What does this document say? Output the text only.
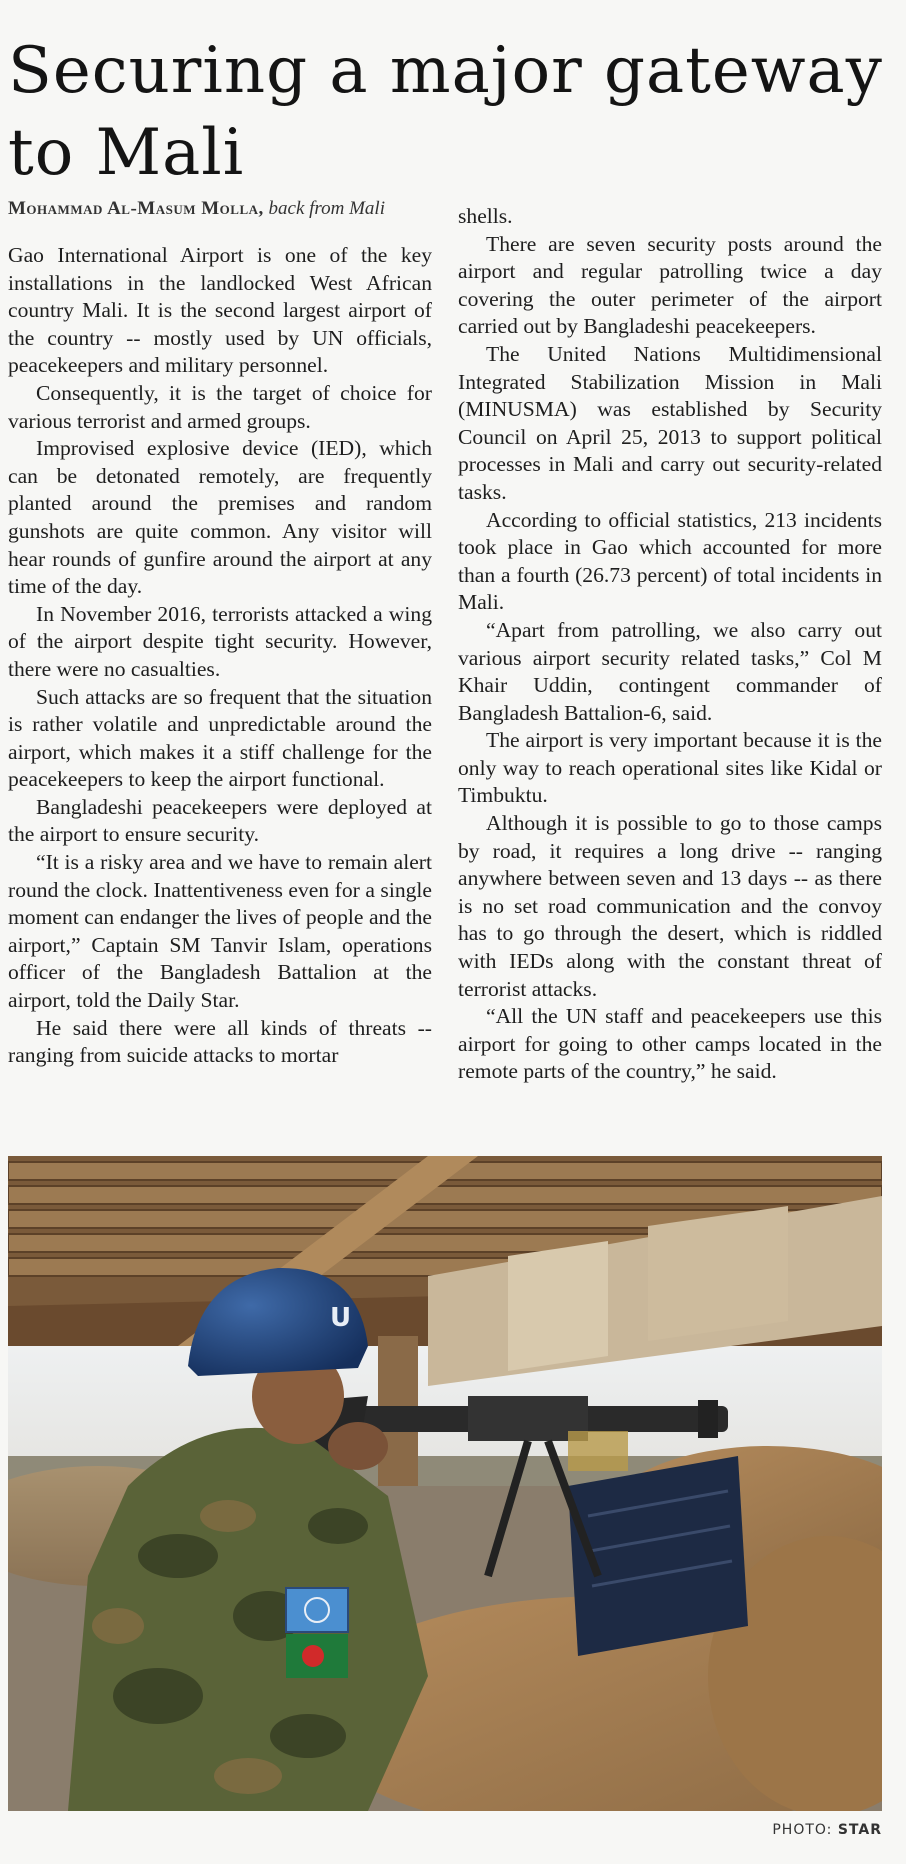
Securing a major gateway to Mali
Mohammad Al-Masum Molla, back from Mali

Gao International Airport is one of the key installations in the landlocked West African country Mali. It is the second largest airport of the country -- mostly used by UN officials, peacekeepers and military personnel.

Consequently, it is the target of choice for various terrorist and armed groups.

Improvised explosive device (IED), which can be detonated remotely, are frequently planted around the premises and random gunshots are quite common. Any visitor will hear rounds of gunfire around the airport at any time of the day.

In November 2016, terrorists attacked a wing of the airport despite tight security. However, there were no casualties.

Such attacks are so frequent that the situation is rather volatile and unpredictable around the airport, which makes it a stiff challenge for the peacekeepers to keep the airport functional.

Bangladeshi peacekeepers were deployed at the airport to ensure security.

“It is a risky area and we have to remain alert round the clock. Inattentiveness even for a single moment can endanger the lives of people and the airport,” Captain SM Tanvir Islam, operations officer of the Bangladesh Battalion at the airport, told the Daily Star.

He said there were all kinds of threats -- ranging from suicide attacks to mortar

shells.

There are seven security posts around the airport and regular patrolling twice a day covering the outer perimeter of the airport carried out by Bangladeshi peacekeepers.

The United Nations Multidimensional Integrated Stabilization Mission in Mali (MINUSMA) was established by Security Council on April 25, 2013 to support political processes in Mali and carry out security-related tasks.

According to official statistics, 213 incidents took place in Gao which accounted for more than a fourth (26.73 percent) of total incidents in Mali.

“Apart from patrolling, we also carry out various airport security related tasks,” Col M Khair Uddin, contingent commander of Bangladesh Battalion-6, said.

The airport is very important because it is the only way to reach operational sites like Kidal or Timbuktu.

Although it is possible to go to those camps by road, it requires a long drive -- ranging anywhere between seven and 13 days -- as there is no set road communication and the convoy has to go through the desert, which is riddled with IEDs along with the constant threat of terrorist attacks.

“All the UN staff and peacekeepers use this airport for going to other camps located in the remote parts of the country,” he said.

U
PHOTO: STAR
